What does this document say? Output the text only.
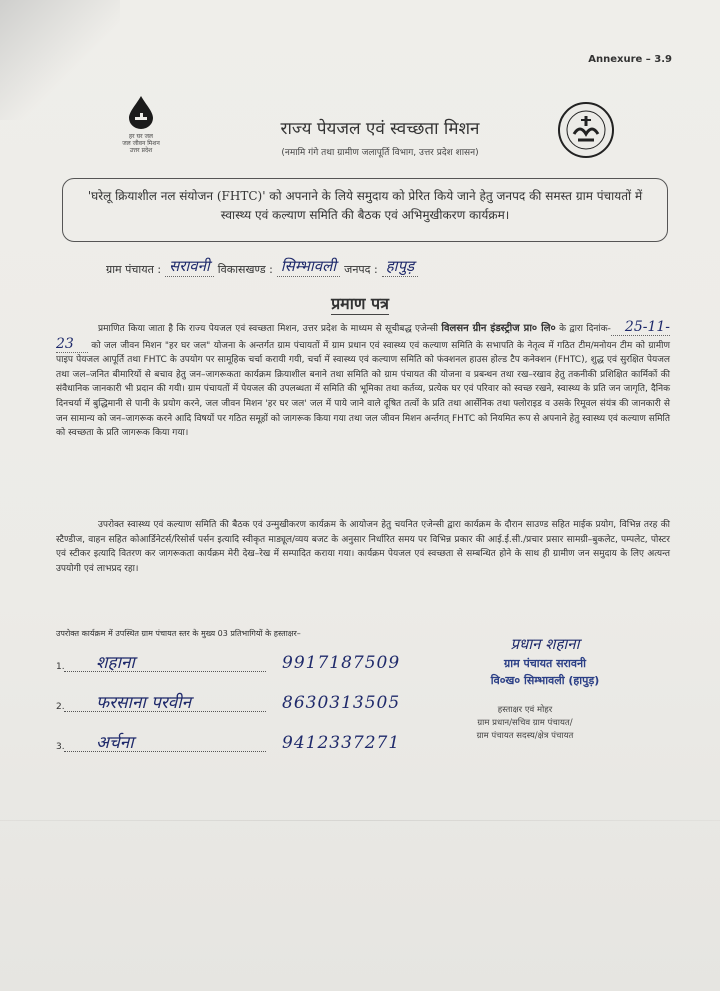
Annexure – 3.9
हर घर जल
जल जीवन मिशन
उत्तर प्रदेश
राज्य पेयजल एवं स्वच्छता मिशन
(नमामि गंगे तथा ग्रामीण जलापूर्ति विभाग, उत्तर प्रदेश शासन)
'घरेलू क्रियाशील नल संयोजन (FHTC)' को अपनाने के लिये समुदाय को प्रेरित किये जाने हेतु जनपद की समस्त ग्राम पंचायतों में स्वास्थ्य एवं कल्याण समिति की बैठक एवं अभिमुखीकरण कार्यक्रम।
ग्राम पंचायत : सरावनी विकासखण्ड : सिम्भावली जनपद : हापुड़
प्रमाण पत्र
प्रमाणित किया जाता है कि राज्य पेयजल एवं स्वच्छता मिशन, उत्तर प्रदेश के माध्यम से सूचीबद्ध एजेन्सी विलसन ग्रीन इंडस्ट्रीज प्रा० लि० के द्वारा दिनांक- 25-11-23 को जल जीवन मिशन "हर घर जल" योजना के अन्तर्गत ग्राम पंचायतों में ग्राम प्रधान एवं स्वास्थ्य एवं कल्याण समिति के सभापति के नेतृत्व में गठित टीम/मनोयन टीम को ग्रामीण पाइप पेयजल आपूर्ति तथा FHTC के उपयोग पर सामूहिक चर्चा करायी गयी, चर्चा में स्वास्थ्य एवं कल्याण समिति को फंक्शनल हाउस होल्ड टैप कनेक्शन (FHTC), शुद्ध एवं सुरक्षित पेयजल तथा जल–जनित बीमारियों से बचाव हेतु जन–जागरूकता कार्यक्रम क्रियाशील बनाने तथा समिति को ग्राम पंचायत की योजना व प्रबन्धन तथा रख–रखाव हेतु तकनीकी प्रशिक्षित कार्मिकों की संवैधानिक जानकारी भी प्रदान की गयी। ग्राम पंचायतों में पेयजल की उपलब्धता में समिति की भूमिका तथा कर्तव्य, प्रत्येक घर एवं परिवार को स्वच्छ रखने, स्वास्थ्य के प्रति जन जागृति, दैनिक दिनचर्या में बुद्धिमानी से पानी के प्रयोग करने, जल जीवन मिशन 'हर घर जल' जल में पाये जाने वाले दूषित तत्वों के प्रति तथा आर्सेनिक तथा फ्लोराइड व उसके रिमूवल संयंत्र की जानकारी से जन सामान्य को जन–जागरूक करने आदि विषयों पर गठित समूहों को जागरूक किया गया तथा जल जीवन मिशन अर्न्तगत् FHTC को नियमित रूप से अपनाने हेतु स्वास्थ्य एवं कल्याण समिति को स्वच्छता के प्रति जागरूक किया गया।
उपरोक्त स्वास्थ्य एवं कल्याण समिति की बैठक एवं उन्मुखीकरण कार्यक्रम के आयोजन हेतु चयनित एजेन्सी द्वारा कार्यक्रम के दौरान साउण्ड सहित माईक प्रयोग, विभिन्न तरह की स्टैण्डीज, वाहन सहित कोआर्डिनेटर्स/रिसोर्स पर्सन इत्यादि स्वीकृत माड्यूल/व्यय बजट के अनुसार निर्धारित समय पर विभिन्न प्रकार की आई.ई.सी./प्रचार प्रसार सामग्री–बुकलेट, पम्पलेट, पोस्टर एवं स्टीकर इत्यादि वितरण कर जागरूकता कार्यक्रम मेरी देख–रेख में सम्पादित कराया गया। कार्यक्रम पेयजल एवं स्वच्छता से सम्बन्धित होने के साथ ही ग्रामीण जन समुदाय के लिए अत्यन्त उपयोगी एवं लाभप्रद रहा।
उपरोक्त कार्यक्रम में उपस्थित ग्राम पंचायत स्तर के मुख्य 03 प्रतिभागियों के हस्ताक्षर–
1. शहाना	9917187509
2. फरसाना परवीन	8630313505
3. अर्चना	9412337271
प्रधान शहाना
ग्राम पंचायत सरावनी
वि०ख० सिम्भावली (हापुड़)
हस्ताक्षर एवं मोहर
ग्राम प्रधान/सचिव ग्राम पंचायत/
ग्राम पंचायत सदस्य/क्षेत्र पंचायत
